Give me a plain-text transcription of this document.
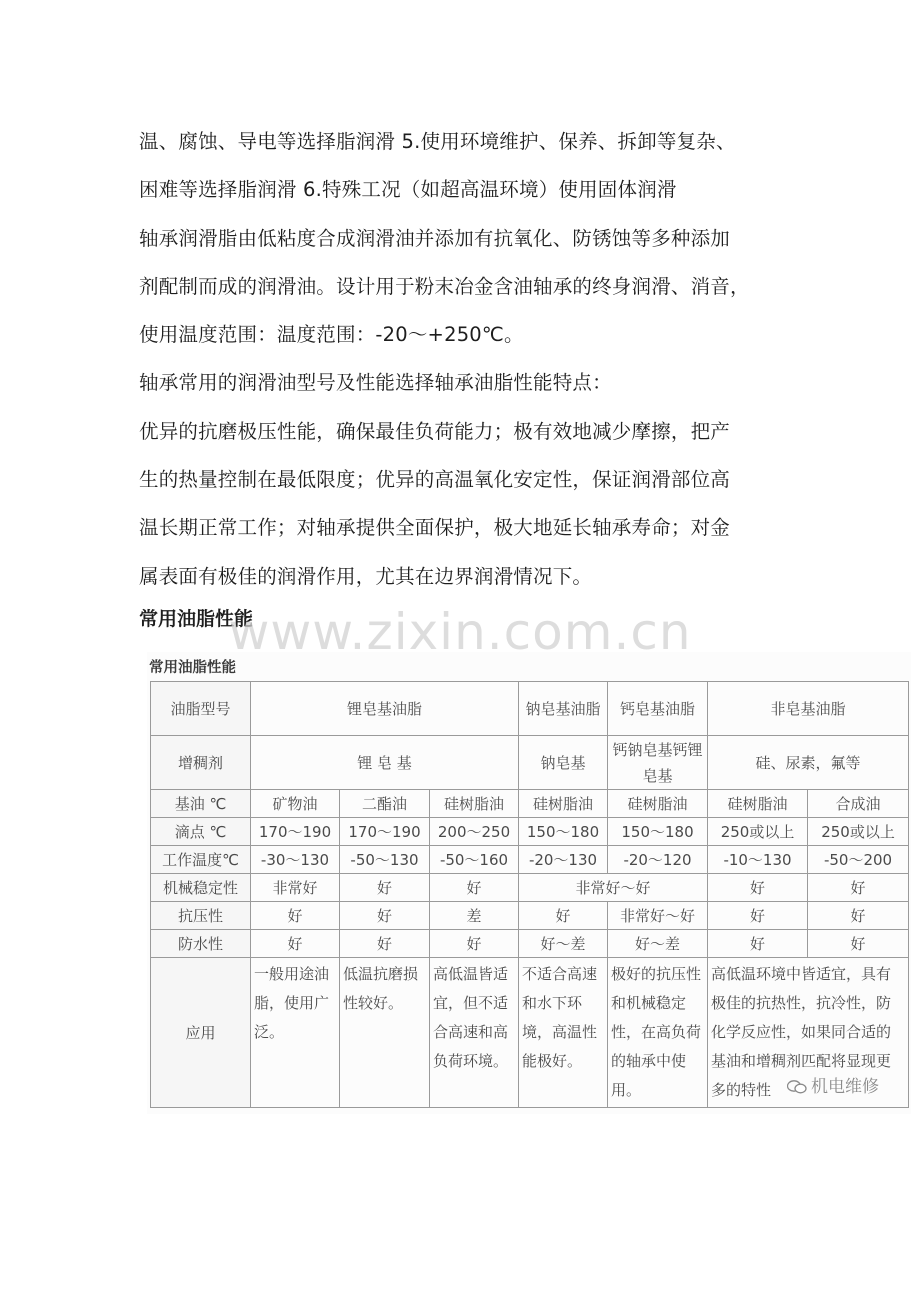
温、腐蚀、导电等选择脂润滑 5.使用环境维护、保养、拆卸等复杂、
困难等选择脂润滑 6.特殊工况（如超高温环境）使用固体润滑
轴承润滑脂由低粘度合成润滑油并添加有抗氧化、防锈蚀等多种添加
剂配制而成的润滑油。设计用于粉末冶金含油轴承的终身润滑、消音，
使用温度范围：温度范围：-20～+250℃。
轴承常用的润滑油型号及性能选择轴承油脂性能特点：
优异的抗磨极压性能，确保最佳负荷能力；极有效地减少摩擦，把产
生的热量控制在最低限度；优异的高温氧化安定性，保证润滑部位高
温长期正常工作；对轴承提供全面保护，极大地延长轴承寿命；对金
属表面有极佳的润滑作用，尤其在边界润滑情况下。
常用油脂性能
常用油脂性能
油脂型号	锂皂基油脂			钠皂基油脂	钙皂基油脂	非皂基油脂	
增稠剂	锂 皂 基			钠皂基	钙钠皂基钙锂皂基	硅、尿素，氟等	
基油 ℃	矿物油	二酯油	硅树脂油	硅树脂油	硅树脂油	硅树脂油	合成油
滴点 ℃	170～190	170～190	200～250	150～180	150～180	250或以上	250或以上
工作温度℃	-30～130	-50～130	-50～160	-20～130	-20～120	-10～130	-50～200
机械稳定性	非常好	好	好	非常好～好		好	好
抗压性	好	好	差	好	非常好～好	好	好
防水性	好	好	好	好～差	好～差	好	好
应用	一般用途油脂，使用广泛。	低温抗磨损性较好。	高低温皆适宜，但不适合高速和高负荷环境。	不适合高速和水下环境，高温性能极好。	极好的抗压性和机械稳定性，在高负荷的轴承中使用。	高低温环境中皆适宜，具有极佳的抗热性，抗冷性，防化学反应性，如果同合适的基油和增稠剂匹配将显现更多的特性		机电维修
www.zixin.com.cn
